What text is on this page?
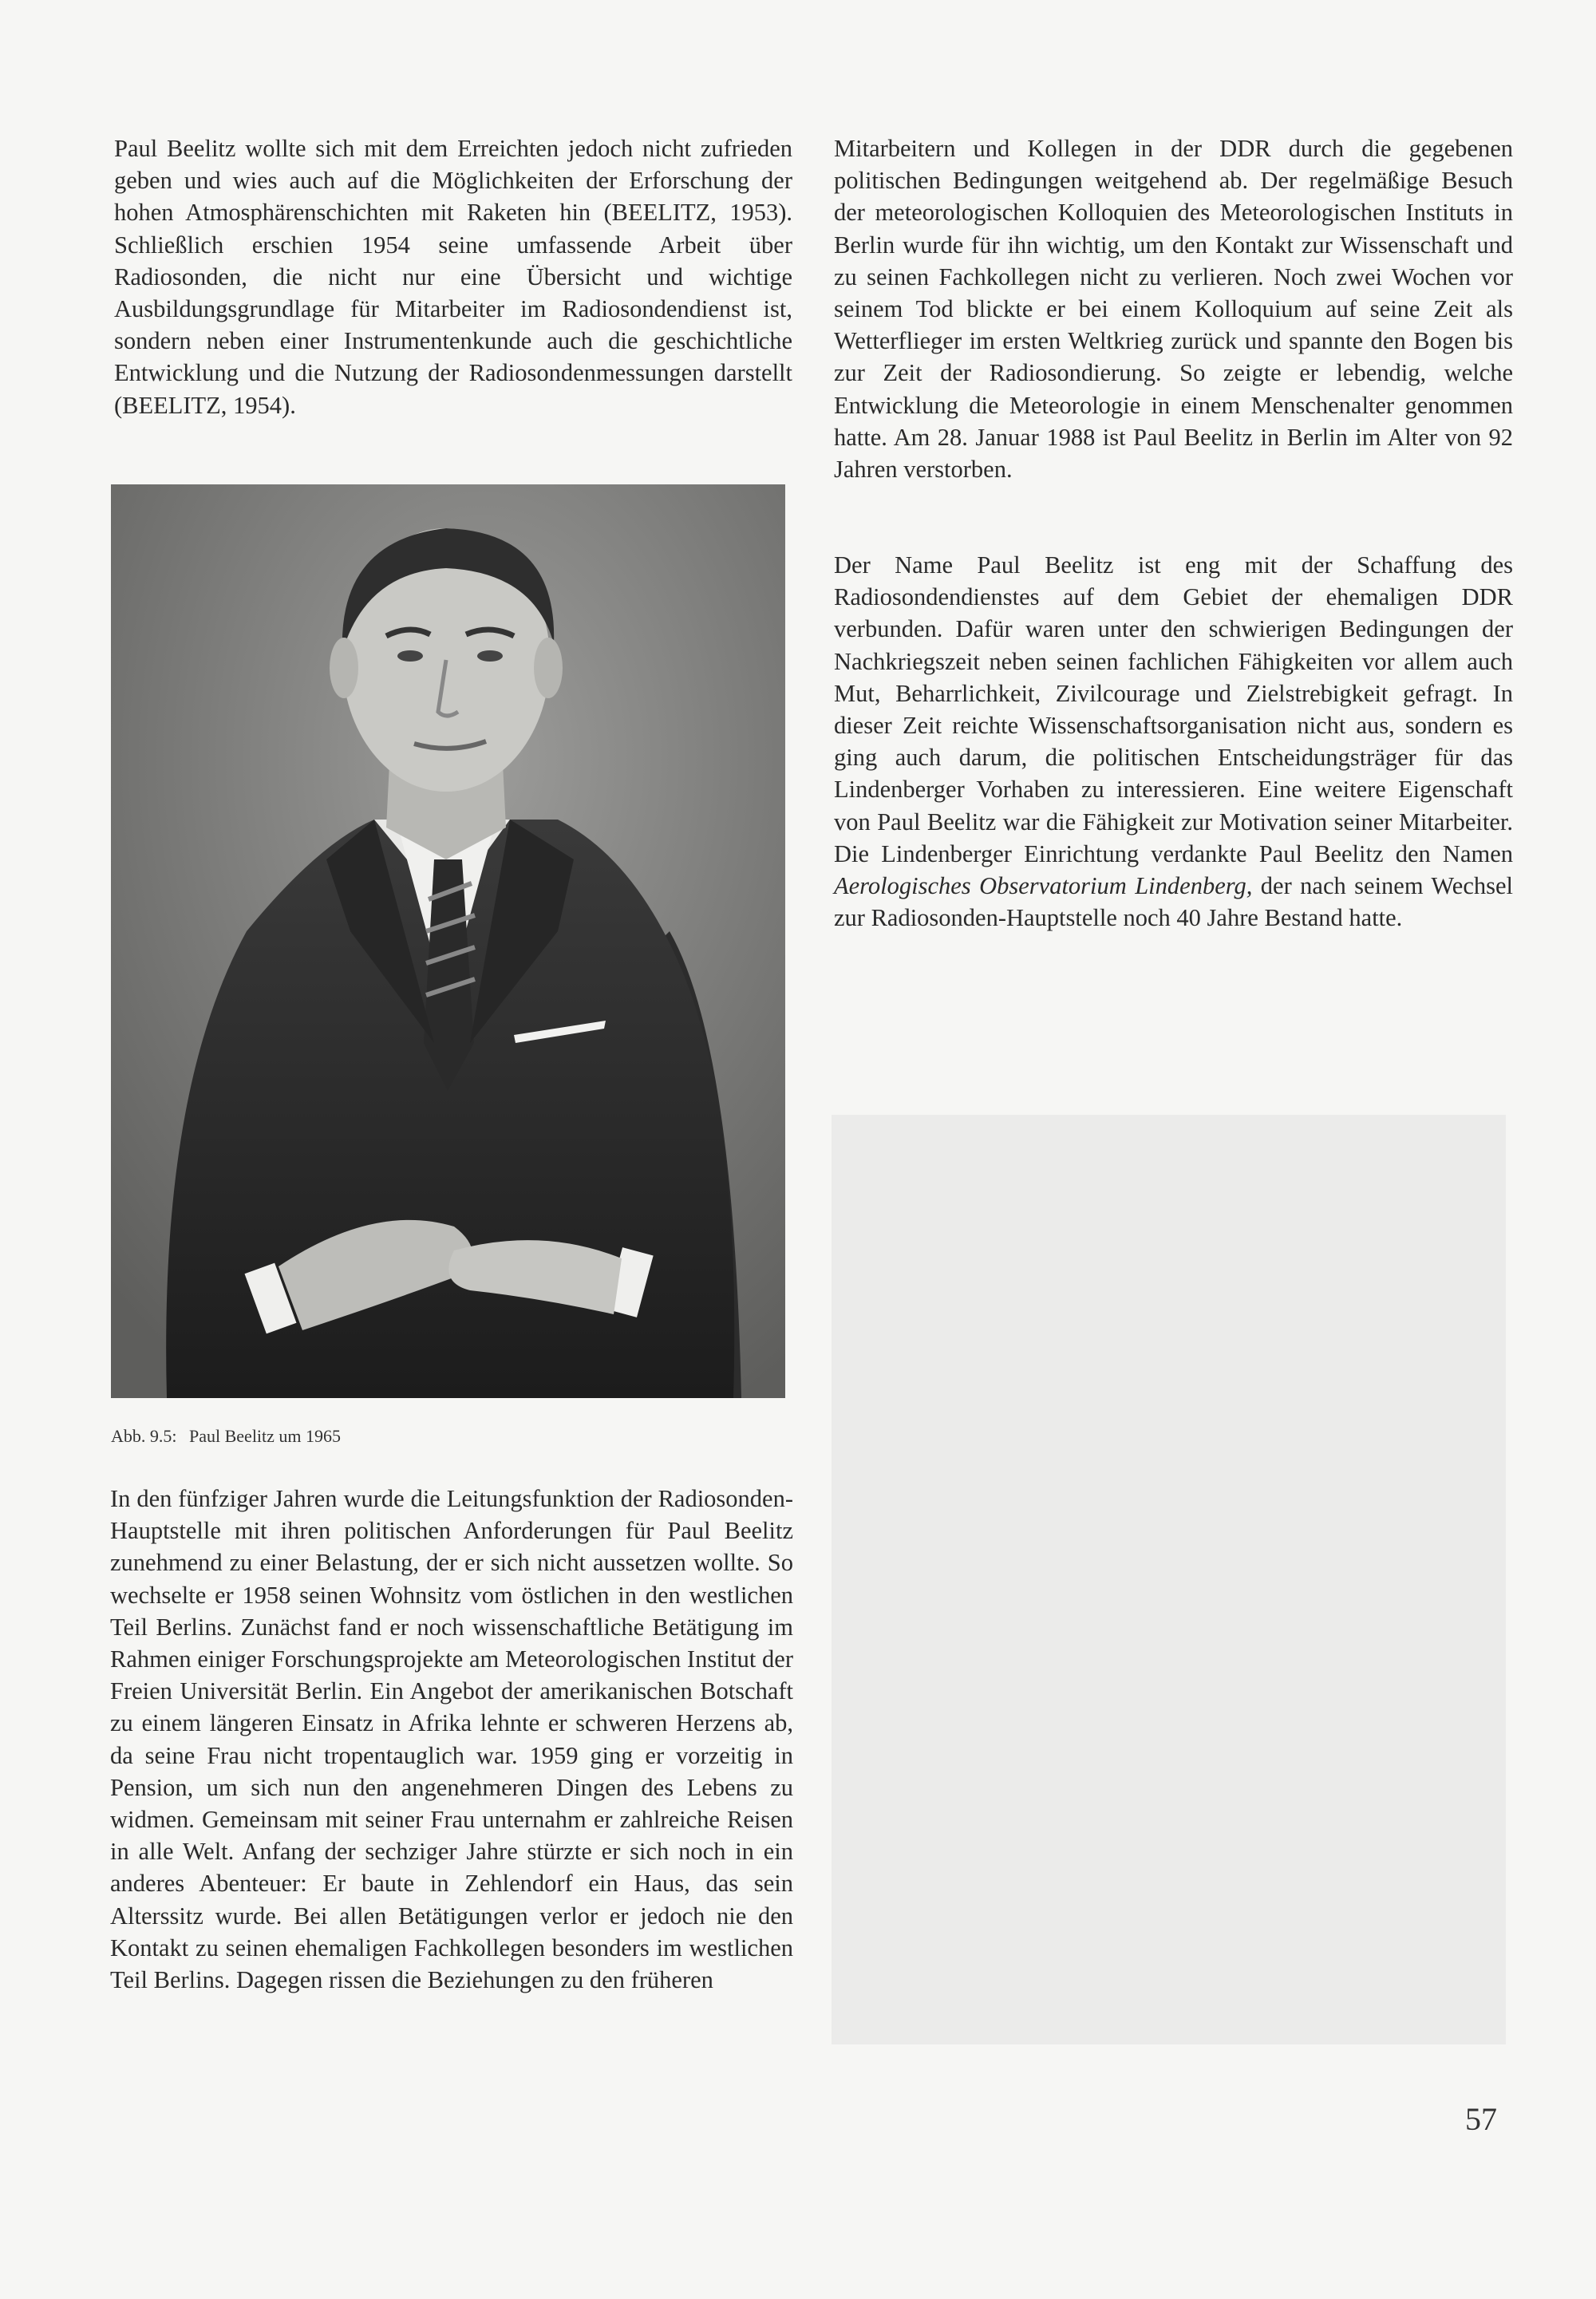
Paul Beelitz wollte sich mit dem Erreichten jedoch nicht zufrieden geben und wies auch auf die Möglichkeiten der Erforschung der hohen Atmosphärenschichten mit Raketen hin (BEELITZ, 1953). Schließlich erschien 1954 seine umfassende Arbeit über Radiosonden, die nicht nur eine Übersicht und wichtige Ausbildungsgrundlage für Mitarbeiter im Radiosondendienst ist, sondern neben einer Instrumentenkunde auch die geschichtliche Entwicklung und die Nutzung der Radiosondenmessungen darstellt (BEELITZ, 1954).

Abb. 9.5: Paul Beelitz um 1965

In den fünfziger Jahren wurde die Leitungsfunktion der Radiosonden-Hauptstelle mit ihren politischen Anforderungen für Paul Beelitz zunehmend zu einer Belastung, der er sich nicht aussetzen wollte. So wechselte er 1958 seinen Wohnsitz vom östlichen in den westlichen Teil Berlins. Zunächst fand er noch wissenschaftliche Betätigung im Rahmen einiger Forschungsprojekte am Meteorologischen Institut der Freien Universität Berlin. Ein Angebot der amerikanischen Botschaft zu einem längeren Einsatz in Afrika lehnte er schweren Herzens ab, da seine Frau nicht tropentauglich war. 1959 ging er vorzeitig in Pension, um sich nun den angenehmeren Dingen des Lebens zu widmen. Gemeinsam mit seiner Frau unternahm er zahlreiche Reisen in alle Welt. Anfang der sechziger Jahre stürzte er sich noch in ein anderes Abenteuer: Er baute in Zehlendorf ein Haus, das sein Alterssitz wurde. Bei allen Betätigungen verlor er jedoch nie den Kontakt zu seinen ehemaligen Fachkollegen besonders im westlichen Teil Berlins. Dagegen rissen die Beziehungen zu den früheren

Mitarbeitern und Kollegen in der DDR durch die gegebenen politischen Bedingungen weitgehend ab. Der regelmäßige Besuch der meteorologischen Kolloquien des Meteorologischen Instituts in Berlin wurde für ihn wichtig, um den Kontakt zur Wissenschaft und zu seinen Fachkollegen nicht zu verlieren. Noch zwei Wochen vor seinem Tod blickte er bei einem Kolloquium auf seine Zeit als Wetterflieger im ersten Weltkrieg zurück und spannte den Bogen bis zur Zeit der Radiosondierung. So zeigte er lebendig, welche Entwicklung die Meteorologie in einem Menschenalter genommen hatte. Am 28. Januar 1988 ist Paul Beelitz in Berlin im Alter von 92 Jahren verstorben.

Der Name Paul Beelitz ist eng mit der Schaffung des Radiosondendienstes auf dem Gebiet der ehemaligen DDR verbunden. Dafür waren unter den schwierigen Bedingungen der Nachkriegszeit neben seinen fachlichen Fähigkeiten vor allem auch Mut, Beharrlichkeit, Zivilcourage und Zielstrebigkeit gefragt. In dieser Zeit reichte Wissenschaftsorganisation nicht aus, sondern es ging auch darum, die politischen Entscheidungsträger für das Lindenberger Vorhaben zu interessieren. Eine weitere Eigenschaft von Paul Beelitz war die Fähigkeit zur Motivation seiner Mitarbeiter. Die Lindenberger Einrichtung verdankte Paul Beelitz den Namen Aerologisches Observatorium Lindenberg, der nach seinem Wechsel zur Radiosonden-Hauptstelle noch 40 Jahre Bestand hatte.

57
